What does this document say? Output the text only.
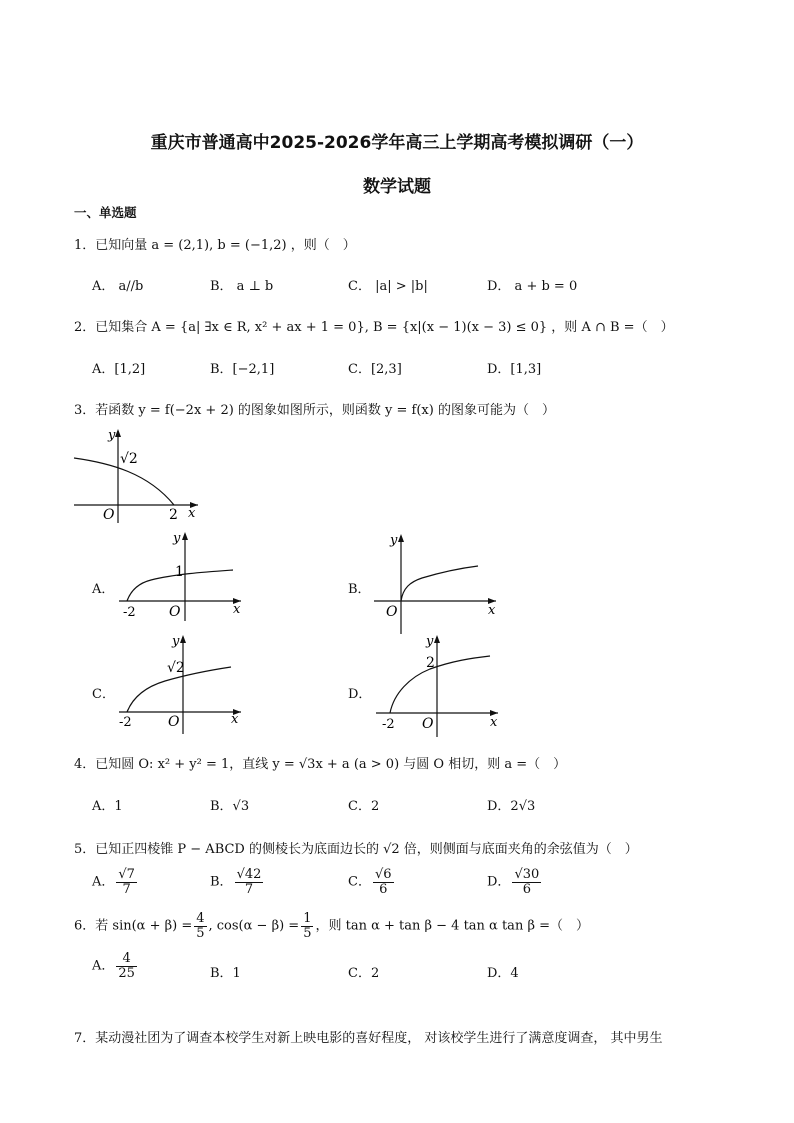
重庆市普通高中2025-2026学年高三上学期高考模拟调研（一）
数学试题
一、单选题
1．已知向量 a = (2,1), b = (−1,2) ，则（　）
A． a//b	B． a ⊥ b	C． |a| > |b|	D． a + b = 0
2．已知集合 A = {a| ∃x ∈ R, x² + ax + 1 = 0}, B = {x|(x − 1)(x − 3) ≤ 0} ，则 A ∩ B =（　）
A．[1,2]	B．[−2,1]	C．[2,3]	D．[1,3]
3．若函数 y = f(−2x + 2) 的图象如图所示，则函数 y = f(x) 的图象可能为（　）
y
x
O
√2
2
A．
y
x
O
1
-2
B．
y
x
O
C．
y
x
O
√2
-2
D．
y
x
O
2
-2
4．已知圆 O: x² + y² = 1，直线 y = √3x + a (a > 0) 与圆 O 相切，则 a =（　）
A．1	B．√3	C．2	D．2√3
5．已知正四棱锥 P − ABCD 的侧棱长为底面边长的 √2 倍，则侧面与底面夹角的余弦值为（　）
A． $\frac{√7}{7}$	B． $\frac{√42}{7}$	C． $\frac{√6}{6}$	D． $\frac{√30}{6}$
6．若 $\sin(\alpha + \beta) = \frac{4}{5}$ , $\cos(\alpha - \beta) = \frac{1}{5}$ ，则 tan α + tan β − 4 tan α tan β =（　）
A． $\frac{4}{25}$	B．1	C．2	D．4
7．某动漫社团为了调查本校学生对新上映电影的喜好程度， 对该校学生进行了满意度调查， 其中男生
